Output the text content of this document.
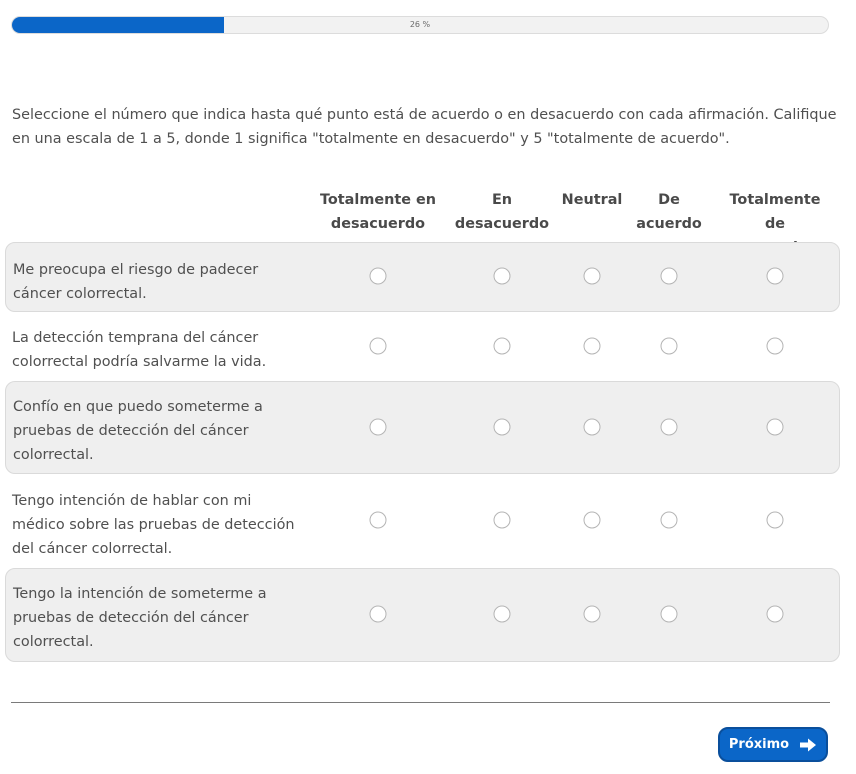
26 %
Seleccione el número que indica hasta qué punto está de acuerdo o en desacuerdo con cada afirmación. Califique en una escala de 1 a 5, donde 1 significa "totalmente en desacuerdo" y 5 "totalmente de acuerdo".
Totalmente en
desacuerdo
En
desacuerdo
Neutral	De
acuerdo
Totalmente de

Me preocupa el riesgo de padecer cáncer colorrectal.
La detección temprana del cáncer colorrectal podría salvarme la vida.
Confío en que puedo someterme a pruebas de detección del cáncer colorrectal.
Tengo intención de hablar con mi médico sobre las pruebas de detección del cáncer colorrectal.
Tengo la intención de someterme a pruebas de detección del cáncer colorrectal.
Próximo
